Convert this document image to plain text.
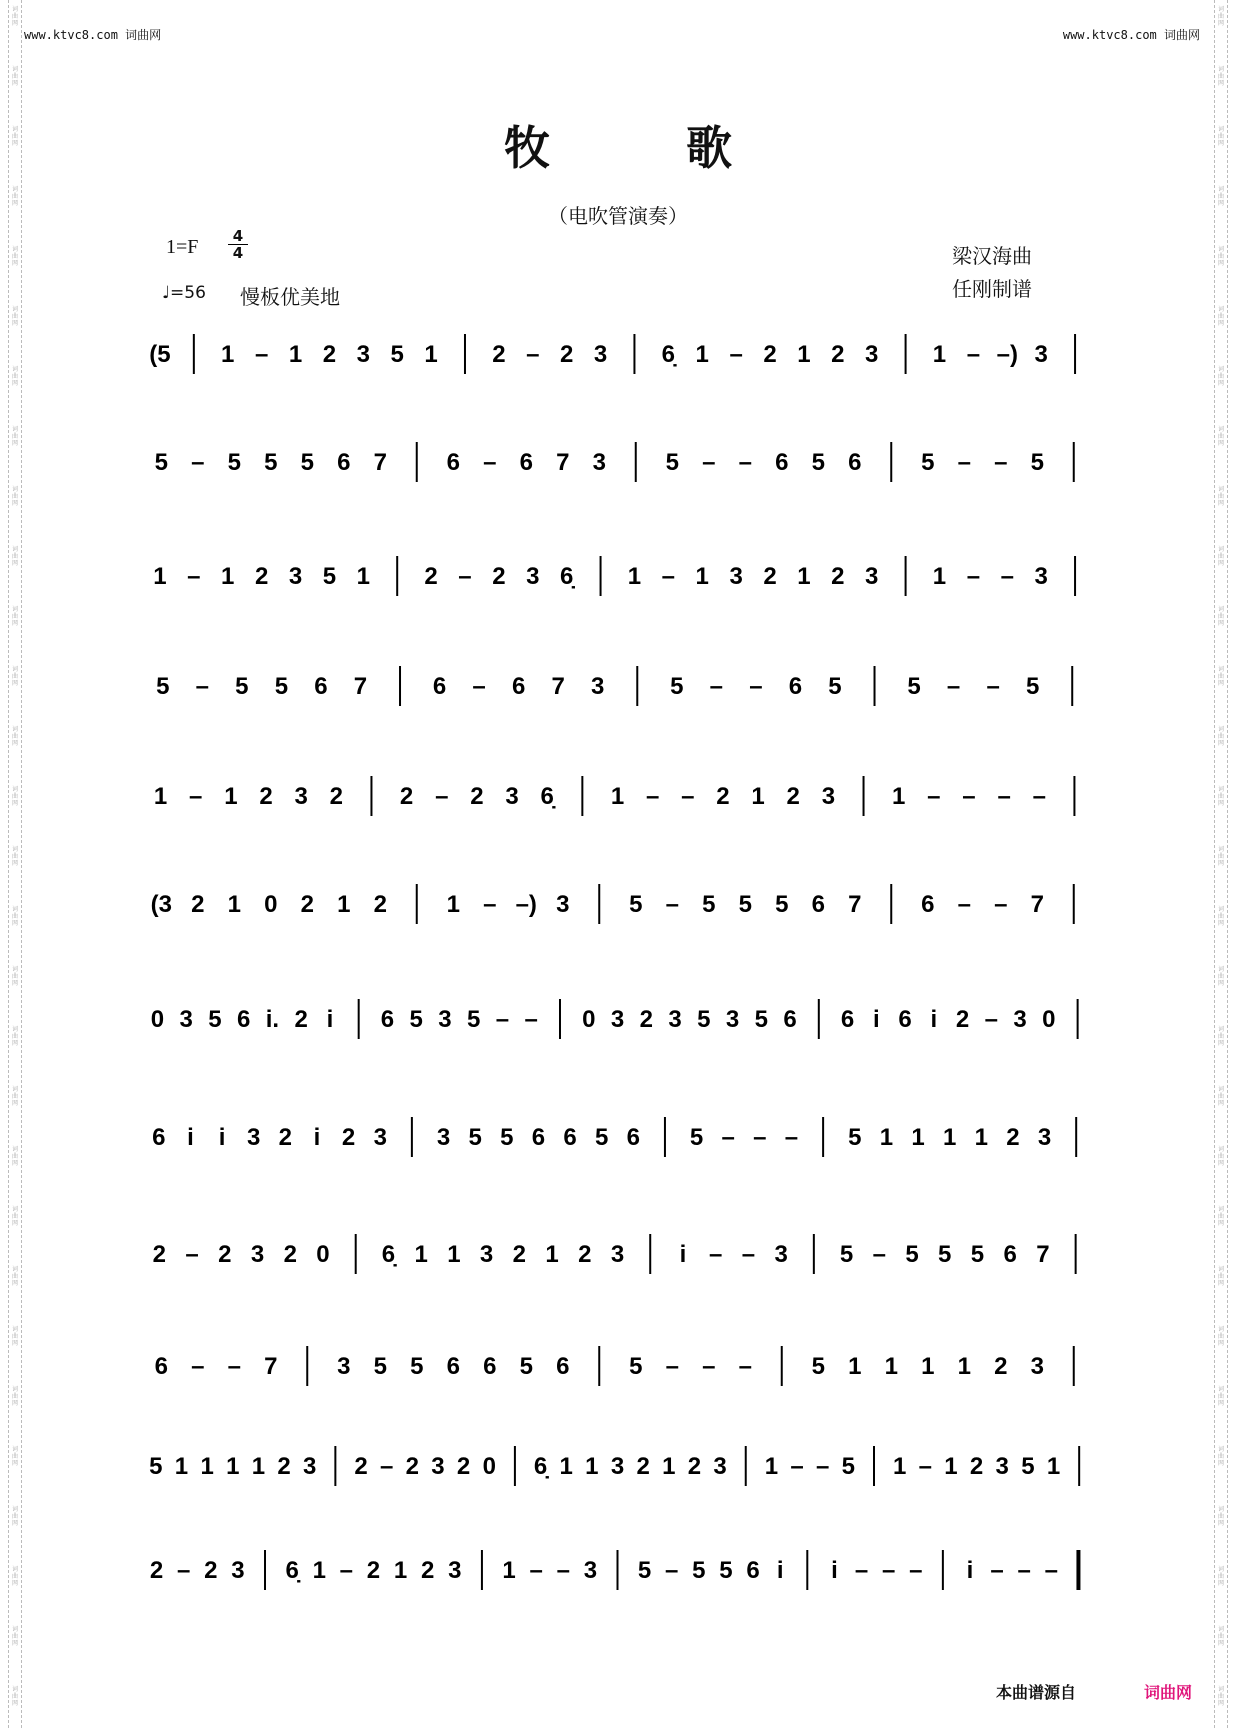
词
曲
网
词
曲
网
词
曲
网
词
曲
网
词
曲
网
词
曲
网
词
曲
网
词
曲
网
词
曲
网
词
曲
网
词
曲
网
词
曲
网
词
曲
网
词
曲
网
词
曲
网
词
曲
网
词
曲
网
词
曲
网
词
曲
网
词
曲
网
词
曲
网
词
曲
网
词
曲
网
词
曲
网
词
曲
网
词
曲
网
词
曲
网
词
曲
网
词
曲
网
词
曲
网
词
曲
网
词
曲
网
词
曲
网
词
曲
网
词
曲
网
词
曲
网
词
曲
网
词
曲
网
词
曲
网
词
曲
网
词
曲
网
词
曲
网
词
曲
网
词
曲
网
词
曲
网
词
曲
网
词
曲
网
词
曲
网
词
曲
网
词
曲
网
词
曲
网
词
曲
网
词
曲
网
词
曲
网
词
曲
网
词
曲
网
词
曲
网
词
曲
网
www.ktvc8.com 词曲网	www.ktvc8.com 词曲网
牧 歌
（电吹管演奏）
1=F	4
4
♩=56 慢板优美地
梁汉海曲
任刚制谱
(5 1 – 1 2 3 5 1 2 – 2 3 6̣ 1 – 2 1 2 3 1 – –) 3
5 – 5 5 5 6 7 6 – 6 7 3 5 – – 6 5 6 5 – – 5
1 – 1 2 3 5 1 2 – 2 3 6̣ 1 – 1 3 2 1 2 3 1 – – 3
5 – 5 5 6 7	6 – 6 7 3	5 – – 6 5	5 – – 5
1 – 1 2 3 2 2 – 2 3 6̣ 1 – – 2 1 2 3 1 – – – –
(3 2 1 0 2 1 2 1 – –) 3 5 – 5 5 5 6 7 6 – – 7
0 3 5 6 i. 2 i 6 5 3 5 – – 0 3 2 3 5 3 5 6 6 i 6 i 2 – 3 0
6 i i 3 2 i 2 3 3 5 5 6 6 5 6 5 – – – 5 1 1 1 1 2 3
2 – 2 3 2 0 6̣ 1 1 3 2 1 2 3 i – – 3 5 – 5 5 5 6 7
6 – – 7 3 5 5 6 6 5 6 5 – – – 5 1 1 1 1 2 3
5 1 1 1 1 2 3 2 – 2 3 2 0 6̣ 1 1 3 2 1 2 3 1 – – 5 1 – 1 2 3 5 1
2 – 2 3 6̣ 1 – 2 1 2 3 1 – – 3 5 – 5 5 6 i i – – – i – – –
本曲谱源自	词曲网
